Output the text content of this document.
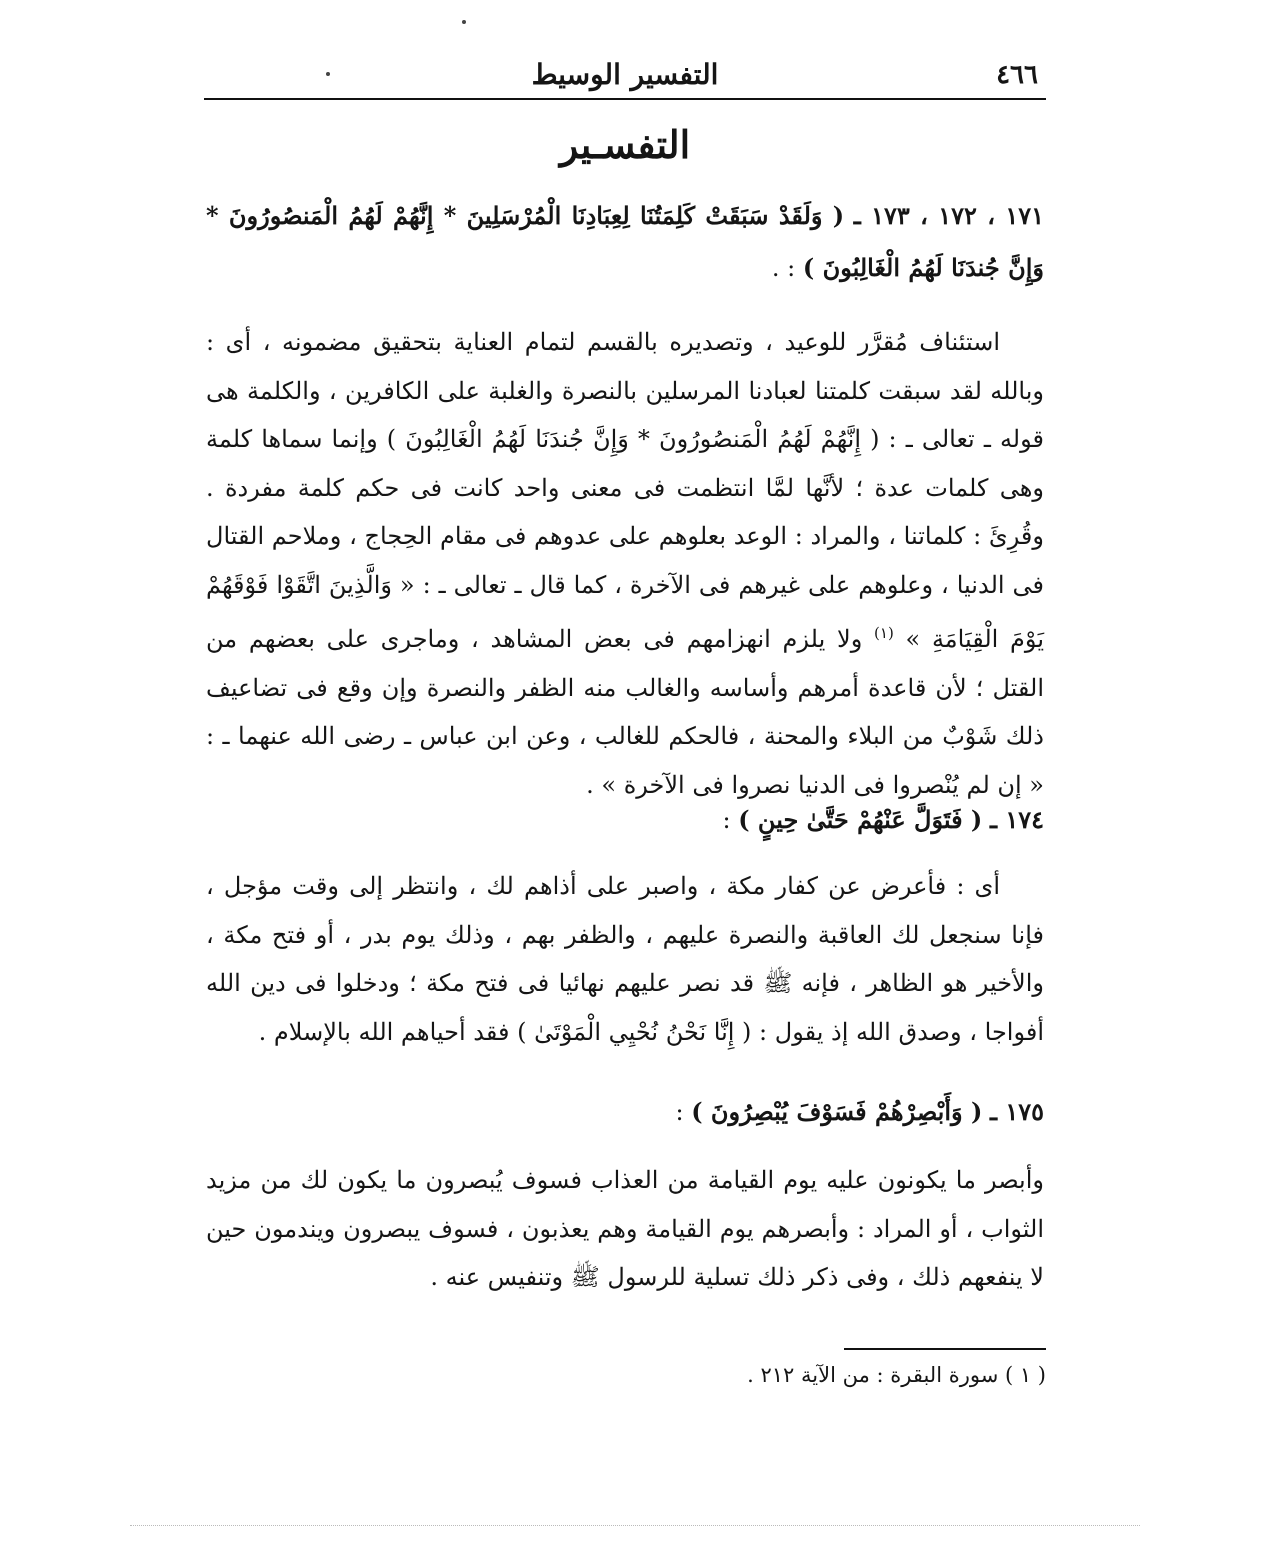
٤٦٦
التفسير الوسيط
التفسـير
١٧١ ، ١٧٢ ، ١٧٣ ـ ( وَلَقَدْ سَبَقَتْ كَلِمَتُنَا لِعِبَادِنَا الْمُرْسَلِينَ * إِنَّهُمْ لَهُمُ الْمَنصُورُونَ * وَإِنَّ جُندَنَا لَهُمُ الْغَالِبُونَ ) : .
استئناف مُقرَّر للوعيد ، وتصديره بالقسم لتمام العناية بتحقيق مضمونه ، أى : وبالله لقد سبقت كلمتنا لعبادنا المرسلين بالنصرة والغلبة على الكافرين ، والكلمة هى قوله ـ تعالى ـ : ( إِنَّهُمْ لَهُمُ الْمَنصُورُونَ * وَإِنَّ جُندَنَا لَهُمُ الْغَالِبُونَ ) وإنما سماها كلمة وهى كلمات عدة ؛ لأنَّها لمَّا انتظمت فى معنى واحد كانت فى حكم كلمة مفردة . وقُرِئَ : كلماتنا ، والمراد : الوعد بعلوهم على عدوهم فى مقام الحِجاج ، وملاحم القتال فى الدنيا ، وعلوهم على غيرهم فى الآخرة ، كما قال ـ تعالى ـ : « وَالَّذِينَ اتَّقَوْا فَوْقَهُمْ يَوْمَ الْقِيَامَةِ » $^{(١)}$ ولا يلزم انهزامهم فى بعض المشاهد ، وماجرى على بعضهم من القتل ؛ لأن قاعدة أمرهم وأساسه والغالب منه الظفر والنصرة وإن وقع فى تضاعيف ذلك شَوْبٌ من البلاء والمحنة ، فالحكم للغالب ، وعن ابن عباس ـ رضى الله عنهما ـ : « إن لم يُنْصروا فى الدنيا نصروا فى الآخرة » .
١٧٤ ـ ( فَتَوَلَّ عَنْهُمْ حَتَّىٰ حِينٍ ) :
أى : فأعرض عن كفار مكة ، واصبر على أذاهم لك ، وانتظر إلى وقت مؤجل ، فإنا سنجعل لك العاقبة والنصرة عليهم ، والظفر بهم ، وذلك يوم بدر ، أو فتح مكة ، والأخير هو الظاهر ، فإنه ﷺ قد نصر عليهم نهائيا فى فتح مكة ؛ ودخلوا فى دين الله أفواجا ، وصدق الله إذ يقول : ( إِنَّا نَحْنُ نُحْيِي الْمَوْتَىٰ ) فقد أحياهم الله بالإسلام .
١٧٥ ـ ( وَأَبْصِرْهُمْ فَسَوْفَ يُبْصِرُونَ ) :
وأبصر ما يكونون عليه يوم القيامة من العذاب فسوف يُبصرون ما يكون لك من مزيد الثواب ، أو المراد : وأبصرهم يوم القيامة وهم يعذبون ، فسوف يبصرون ويندمون حين لا ينفعهم ذلك ، وفى ذكر ذلك تسلية للرسول ﷺ وتنفيس عنه .
( ١ ) سورة البقرة : من الآية ٢١٢ .
